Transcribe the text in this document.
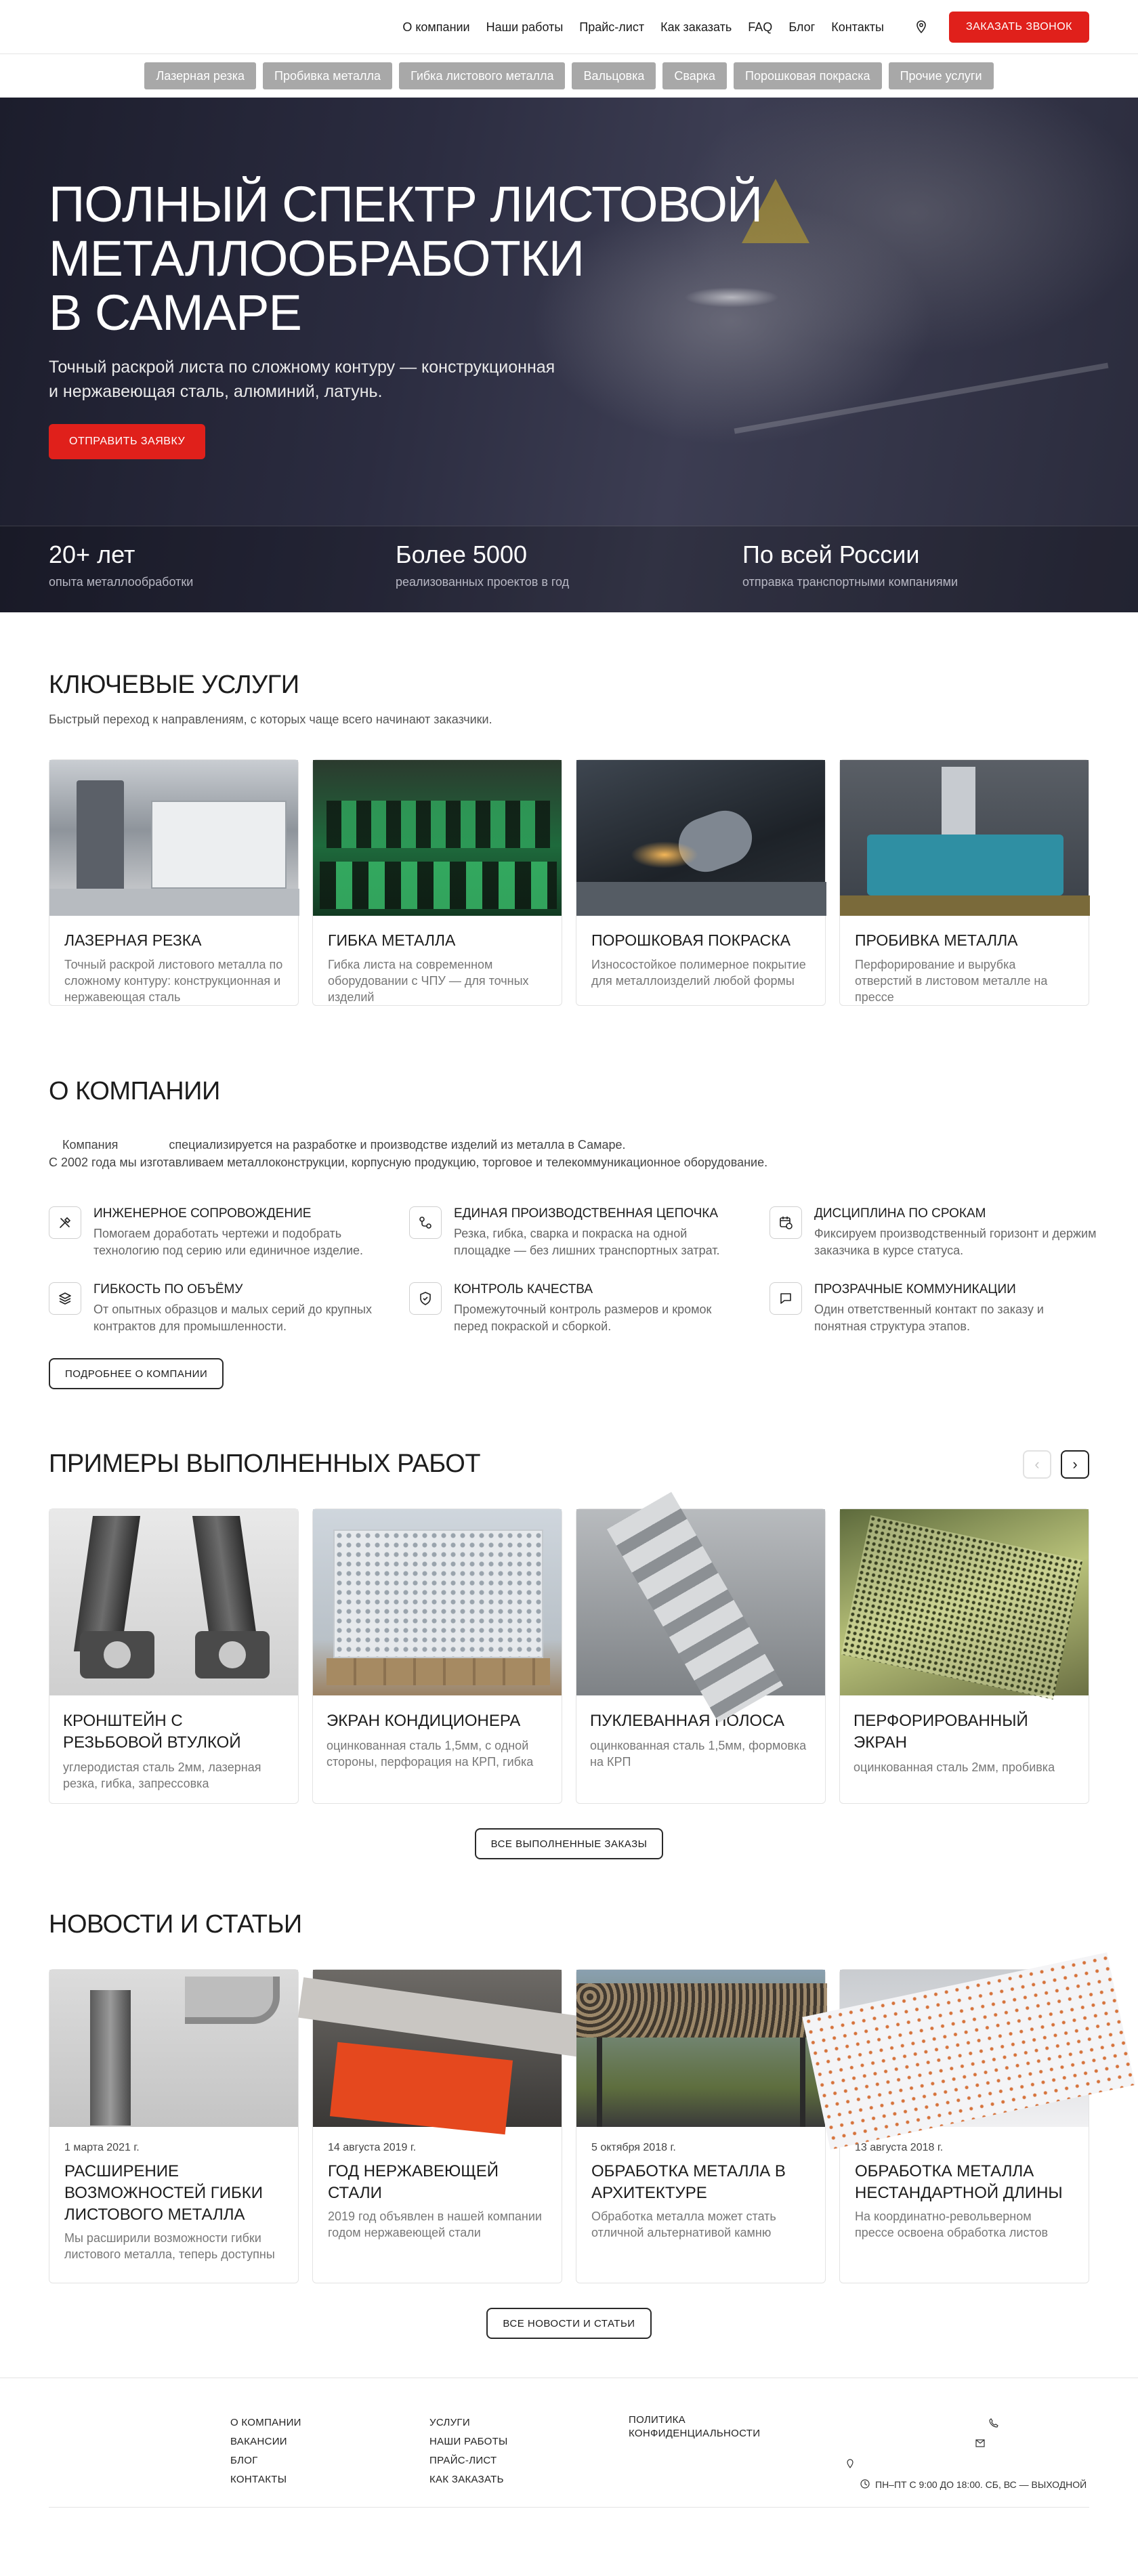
О компании Наши работы Прайс-лист Как заказать FAQ Блог Контакты	ЗАКАЗАТЬ ЗВОНОК
Лазерная резка	Пробивка металла	Гибка листового металла	Вальцовка	Сварка	Порошковая покраска	Прочие услуги
ПОЛНЫЙ СПЕКТР ЛИСТОВОЙ
МЕТАЛЛООБРАБОТКИ
В САМАРЕ

Точный раскрой листа по сложному контуру — конструкционная и нержавеющая сталь, алюминий, латунь.

ОТПРАВИТЬ ЗАЯВКУ
20+ лет
опыта металлообработки
Более 5000
реализованных проектов в год
По всей России
отправка транспортными компаниями
КЛЮЧЕВЫЕ УСЛУГИ

Быстрый переход к направлениям, с которых чаще всего начинают заказчики.

ЛАЗЕРНАЯ РЕЗКА

Точный раскрой листового металла по сложному контуру: конструкционная и нержавеющая сталь

ГИБКА МЕТАЛЛА

Гибка листа на современном оборудовании с ЧПУ — для точных изделий

ПОРОШКОВАЯ ПОКРАСКА

Износостойкое полимерное покрытие для металлоизделий любой формы

ПРОБИВКА МЕТАЛЛА

Перфорирование и вырубка отверстий в листовом металле на прессе

О КОМПАНИИ

Компания               специализируется на разработке и производстве изделий из металла в Самаре.
С 2002 года мы изготавливаем металлоконструкции, корпусную продукцию, торговое и телекоммуникационное оборудование.

ИНЖЕНЕРНОЕ СОПРОВОЖДЕНИЕ

Помогаем доработать чертежи и подобрать технологию под серию или единичное изделие.

ЕДИНАЯ ПРОИЗВОДСТВЕННАЯ ЦЕПОЧКА

Резка, гибка, сварка и покраска на одной площадке — без лишних транспортных затрат.

ДИСЦИПЛИНА ПО СРОКАМ

Фиксируем производственный горизонт и держим заказчика в курсе статуса.

ГИБКОСТЬ ПО ОБЪЁМУ

От опытных образцов и малых серий до крупных контрактов для промышленности.

КОНТРОЛЬ КАЧЕСТВА

Промежуточный контроль размеров и кромок перед покраской и сборкой.

ПРОЗРАЧНЫЕ КОММУНИКАЦИИ

Один ответственный контакт по заказу и понятная структура этапов.

ПОДРОБНЕЕ О КОМПАНИИ
ПРИМЕРЫ ВЫПОЛНЕННЫХ РАБОТ	‹	›
КРОНШТЕЙН С РЕЗЬБОВОЙ ВТУЛКОЙ

углеродистая сталь 2мм, лазерная резка, гибка, запрессовка

ЭКРАН КОНДИЦИОНЕРА

оцинкованная сталь 1,5мм, с одной стороны, перфорация на КРП, гибка

ПУКЛЕВАННАЯ ПОЛОСА

оцинкованная сталь 1,5мм, формовка на КРП

ПЕРФОРИРОВАННЫЙ ЭКРАН

оцинкованная сталь 2мм, пробивка

ВСЕ ВЫПОЛНЕННЫЕ ЗАКАЗЫ
НОВОСТИ И СТАТЬИ
1 марта 2021 г.
РАСШИРЕНИЕ ВОЗМОЖНОСТЕЙ ГИБКИ ЛИСТОВОГО МЕТАЛЛА

Мы расширили возможности гибки листового металла, теперь доступны

14 августа 2019 г.
ГОД НЕРЖАВЕЮЩЕЙ СТАЛИ

2019 год объявлен в нашей компании годом нержавеющей стали

5 октября 2018 г.
ОБРАБОТКА МЕТАЛЛА В АРХИТЕКТУРЕ

Обработка металла может стать отличной альтернативой камню

13 августа 2018 г.
ОБРАБОТКА МЕТАЛЛА НЕСТАНДАРТНОЙ ДЛИНЫ

На координатно-револьверном прессе освоена обработка листов

ВСЕ НОВОСТИ И СТАТЬИ
О КОМПАНИИ
ВАКАНСИИ
БЛОГ
КОНТАКТЫ
УСЛУГИ
НАШИ РАБОТЫ
ПРАЙС-ЛИСТ
КАК ЗАКАЗАТЬ
ПОЛИТИКА КОНФИДЕНЦИАЛЬНОСТИ
ПН–ПТ С 9:00 ДО 18:00. СБ, ВС — ВЫХОДНОЙ
